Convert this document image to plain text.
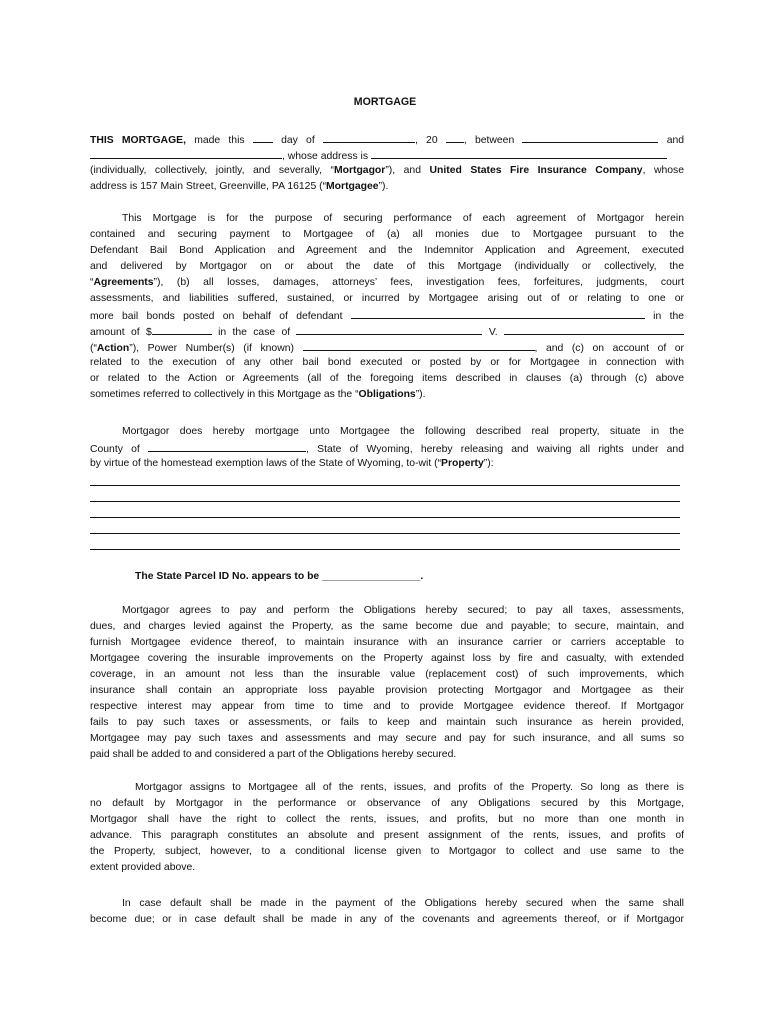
MORTGAGE
THIS MORTGAGE, made this	day of	, 20	, between	and
, whose address is
(individually, collectively, jointly, and severally, “Mortgagor”), and United States Fire Insurance Company, whose
address is 157 Main Street, Greenville, PA 16125 (“Mortgagee”).
This Mortgage is for the purpose of securing performance of each agreement of Mortgagor herein
contained and securing payment to Mortgagee of (a) all monies due to Mortgagee pursuant to the
Defendant Bail Bond Application and Agreement and the Indemnitor Application and Agreement, executed
and delivered by Mortgagor on or about the date of this Mortgage (individually or collectively, the
“Agreements”), (b) all losses, damages, attorneys’ fees, investigation fees, forfeitures, judgments, court
assessments, and liabilities suffered, sustained, or incurred by Mortgagee arising out of or relating to one or
more bail bonds posted on behalf of defendant	in the
amount of $	in the case of	V.
(“Action”), Power Number(s) (if known)	, and (c) on account of or
related to the execution of any other bail bond executed or posted by or for Mortgagee in connection with
or related to the Action or Agreements (all of the foregoing items described in clauses (a) through (c) above
sometimes referred to collectively in this Mortgage as the “Obligations”).
Mortgagor does hereby mortgage unto Mortgagee the following described real property, situate in the
County of	, State of Wyoming, hereby releasing and waiving all rights under and
by virtue of the homestead exemption laws of the State of Wyoming, to-wit (“Property”):
The State Parcel ID No. appears to be _________________.
Mortgagor agrees to pay and perform the Obligations hereby secured; to pay all taxes, assessments,
dues, and charges levied against the Property, as the same become due and payable; to secure, maintain, and
furnish Mortgagee evidence thereof, to maintain insurance with an insurance carrier or carriers acceptable to
Mortgagee covering the insurable improvements on the Property against loss by fire and casualty, with extended
coverage, in an amount not less than the insurable value (replacement cost) of such improvements, which
insurance shall contain an appropriate loss payable provision protecting Mortgagor and Mortgagee as their
respective interest may appear from time to time and to provide Mortgagee evidence thereof. If Mortgagor
fails to pay such taxes or assessments, or fails to keep and maintain such insurance as herein provided,
Mortgagee may pay such taxes and assessments and may secure and pay for such insurance, and all sums so
paid shall be added to and considered a part of the Obligations hereby secured.
Mortgagor assigns to Mortgagee all of the rents, issues, and profits of the Property. So long as there is
no default by Mortgagor in the performance or observance of any Obligations secured by this Mortgage,
Mortgagor shall have the right to collect the rents, issues, and profits, but no more than one month in
advance. This paragraph constitutes an absolute and present assignment of the rents, issues, and profits of
the Property, subject, however, to a conditional license given to Mortgagor to collect and use same to the
extent provided above.
In case default shall be made in the payment of the Obligations hereby secured when the same shall
become due; or in case default shall be made in any of the covenants and agreements thereof, or if Mortgagor
